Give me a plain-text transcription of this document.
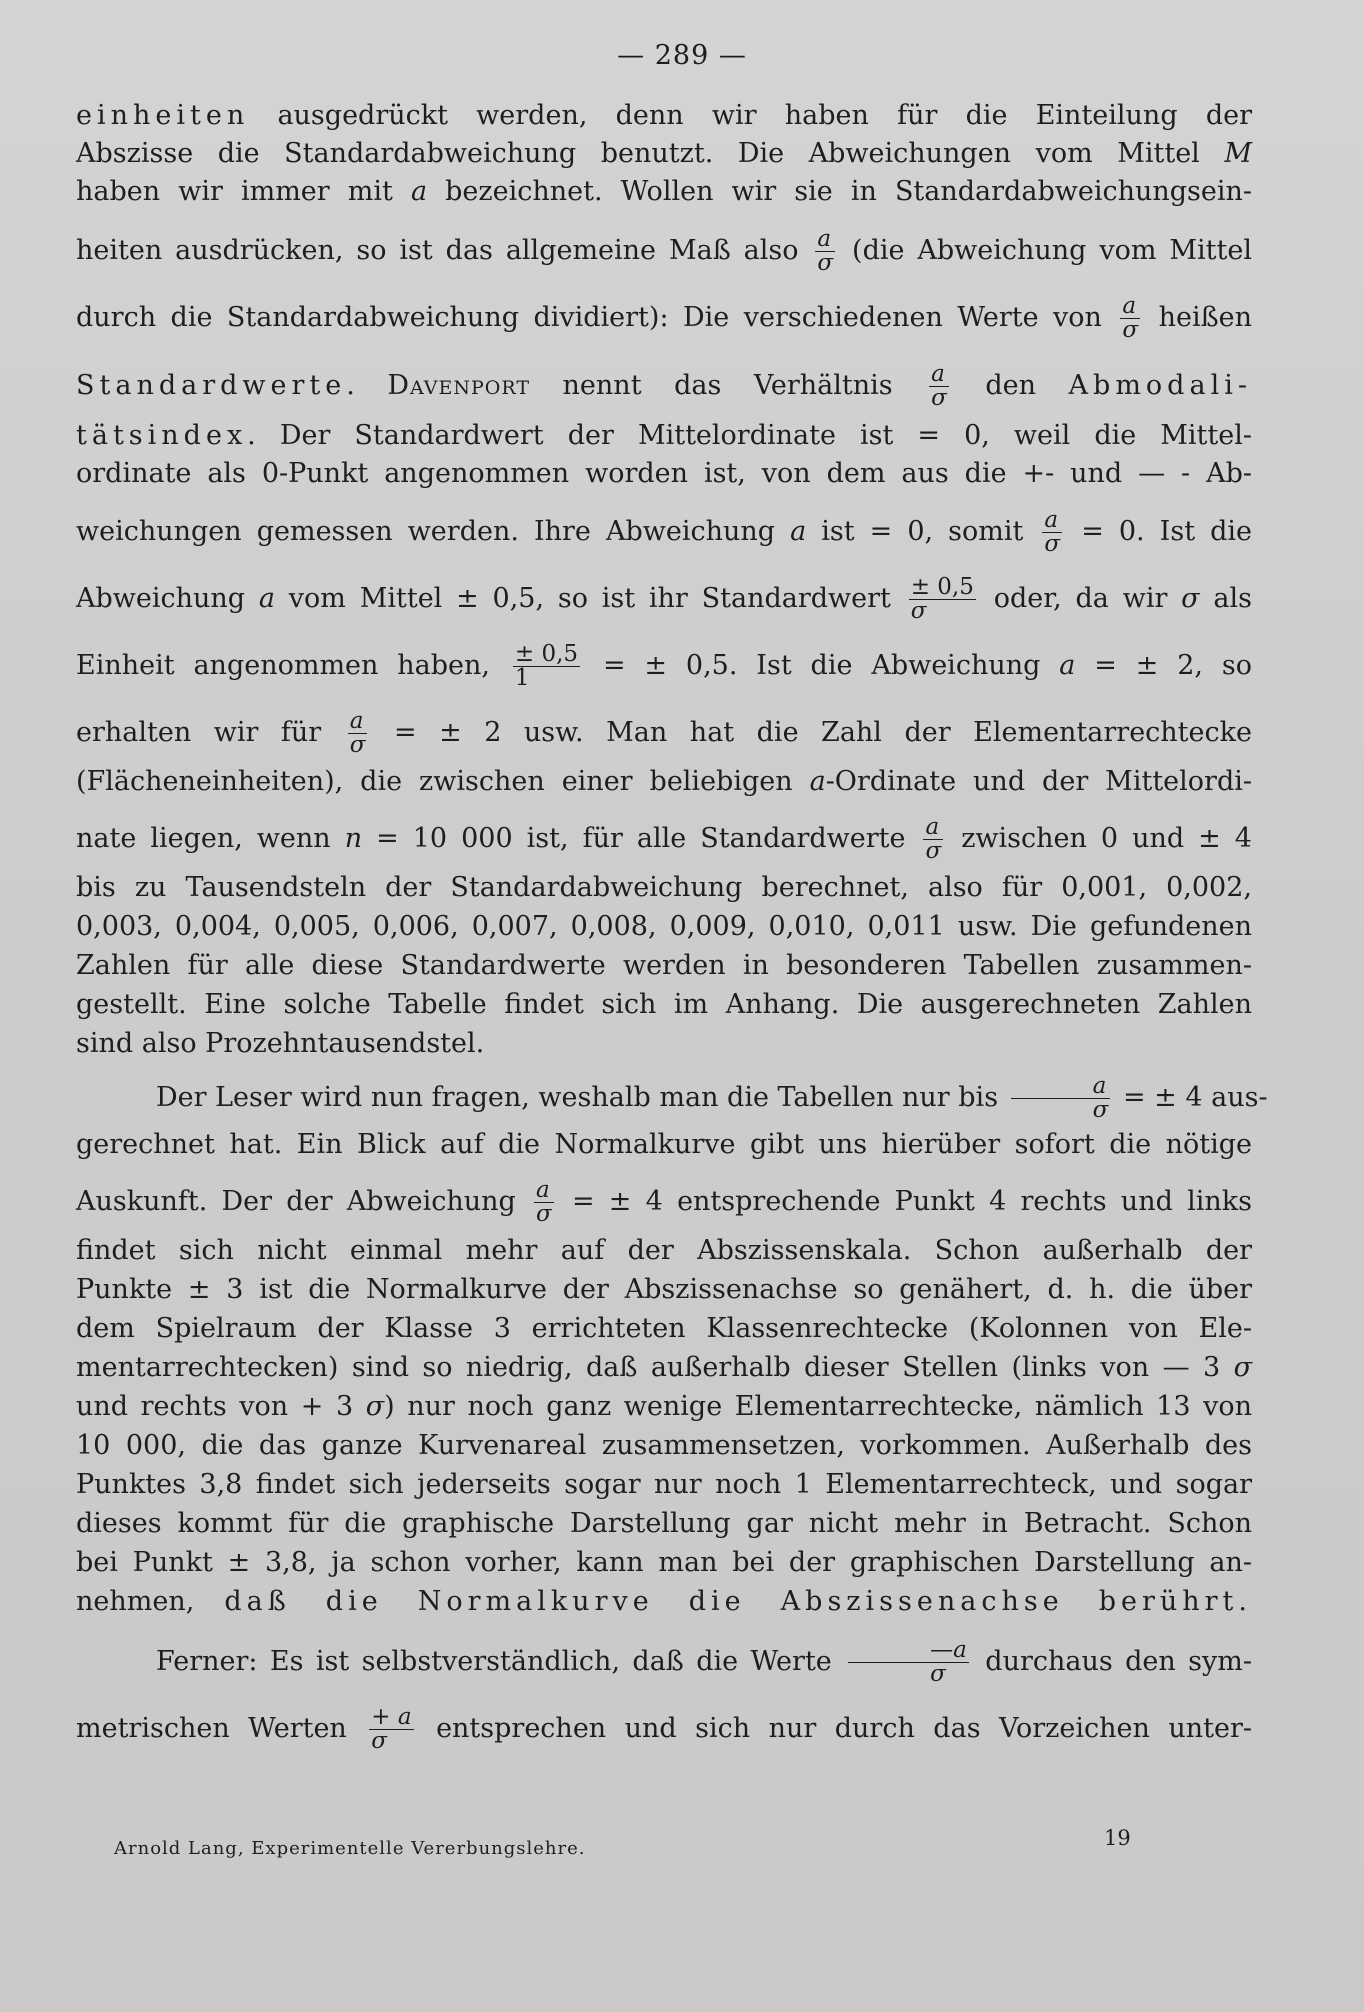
— 289 —
einheiten ausgedrückt werden, denn wir haben für die Einteilung der
Abszisse die Standardabweichung benutzt. Die Abweichungen vom Mittel M
haben wir immer mit a bezeichnet. Wollen wir sie in Standardabweichungsein-
heiten ausdrücken, so ist das allgemeine Maß also $\frac{a}{\sigma} (die$ Abweichung vom Mittel
durch die Standardabweichung dividiert): Die verschiedenen Werte von $\frac{a}{\sigma}$ heißen
Standardwerte. Davenport nennt das Verhältnis $\frac{a}{\sigma}$ den Abmodali-
tätsindex. Der Standardwert der Mittelordinate ist = 0, weil die Mittel-
ordinate als 0-Punkt angenommen worden ist, von dem aus die +- und — - Ab-
weichungen gemessen werden. Ihre Abweichung a ist = 0, somit $\frac{a}{\sigma} = 0$. Ist die
Abweichung a vom Mittel ± 0,5, so ist ihr Standardwert $\frac{\pm 0,5}{\sigma}$ oder, da wir σ als
Einheit angenommen haben, $\frac{\pm 0,5}{1}$ = ± 0,5. Ist die Abweichung a = ± 2, so
erhalten wir für $\frac{a}{\sigma}$ = ± 2 usw. Man hat die Zahl der Elementarrechtecke
(Flächeneinheiten), die zwischen einer beliebigen a-Ordinate und der Mittelordi-
nate liegen, wenn n = 10 000 ist, für alle Standardwerte $\frac{a}{\sigma}$ zwischen 0 und ± 4
bis zu Tausendsteln der Standardabweichung berechnet, also für 0,001, 0,002,
0,003, 0,004, 0,005, 0,006, 0,007, 0,008, 0,009, 0,010, 0,011 usw. Die gefundenen
Zahlen für alle diese Standardwerte werden in besonderen Tabellen zusammen-
gestellt. Eine solche Tabelle findet sich im Anhang. Die ausgerechneten Zahlen
sind also Prozehntausendstel.
Der Leser wird nun fragen, weshalb man die Tabellen nur bis $\frac{a}{\sigma}$ = ± 4 aus-
gerechnet hat. Ein Blick auf die Normalkurve gibt uns hierüber sofort die nötige
Auskunft. Der der Abweichung $\frac{a}{\sigma}$ = ± 4 entsprechende Punkt 4 rechts und links
findet sich nicht einmal mehr auf der Abszissenskala. Schon außerhalb der
Punkte ± 3 ist die Normalkurve der Abszissenachse so genähert, d. h. die über
dem Spielraum der Klasse 3 errichteten Klassenrechtecke (Kolonnen von Ele-
mentarrechtecken) sind so niedrig, daß außerhalb dieser Stellen (links von — 3 σ
und rechts von + 3 σ) nur noch ganz wenige Elementarrechtecke, nämlich 13 von
10 000, die das ganze Kurvenareal zusammensetzen, vorkommen. Außerhalb des
Punktes 3,8 findet sich jederseits sogar nur noch 1 Elementarrechteck, und sogar
dieses kommt für die graphische Darstellung gar nicht mehr in Betracht. Schon
bei Punkt ± 3,8, ja schon vorher, kann man bei der graphischen Darstellung an-
nehmen, daß die Normalkurve die Abszissenachse berührt.
Ferner: Es ist selbstverständlich, daß die Werte $\frac{—a}{\sigma}$ durchaus den sym-
metrischen Werten $\frac{+ a}{\sigma}$ entsprechen und sich nur durch das Vorzeichen unter-
Arnold Lang, Experimentelle Vererbungslehre.	19
